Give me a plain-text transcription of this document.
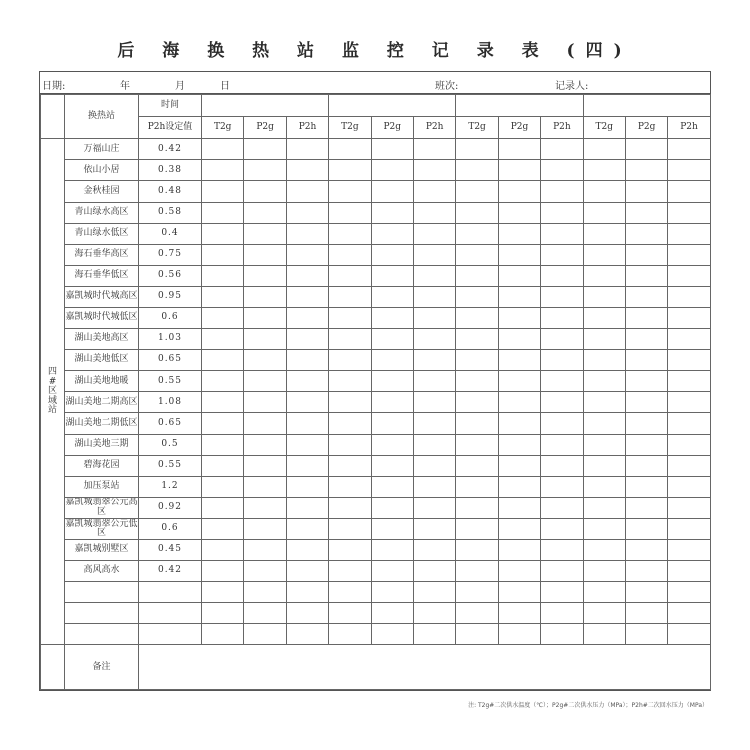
后 海 换 热 站 监 控 记 录 表 (四)
日期:	年	月	日	班次:	记录人:
	换热站	时间												
		P2h设定值	T2g	P2g	P2h	T2g	P2g	P2h	T2g	P2g	P2h	T2g	P2g	P2h

四
#
区
域
站	万福山庄	0.42												
	依山小居	0.38												
	金秋桂园	0.48												
	青山绿水高区	0.58												
	青山绿水低区	0.4												
	海石垂华高区	0.75												
	海石垂华低区	0.56												
	嘉凯城时代城高区	0.95												
	嘉凯城时代城低区	0.6												
	湖山美地高区	1.03												
	湖山美地低区	0.65												
	湖山美地地暖	0.55												
	湖山美地二期高区	1.08												
	湖山美地二期低区	0.65												
	湖山美地三期	0.5												
	碧海花园	0.55												
	加压泵站	1.2												
	嘉凯城翡翠公元高区	0.92												
	嘉凯城翡翠公元低区	0.6												
	嘉凯城别墅区	0.45												
	高风高水	0.42												

	备注													
注: T2g#二次供水温度（℃）；P2g#二次供水压力（MPa）；P2h#二次回水压力（MPa）
